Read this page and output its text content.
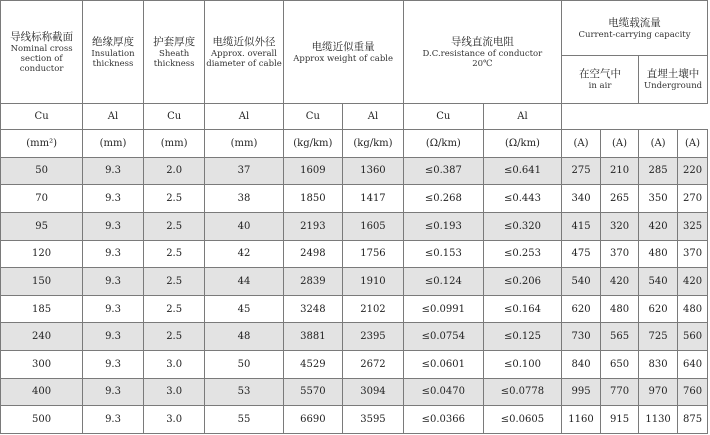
导线标称截面
Nominal cross section of conductor	绝缘厚度
Insulation thickness	护套厚度
Sheath thickness	电缆近似外径
Approx. overall diameter of cable	电缆近似重量
Approx weight of cable		导线直流电阻
D.C.resistance of conductor
20℃		电缆载流量
Current-carrying capacity			

								在空气中
in air		直埋土壤中
Underground	

Cu	Al	Cu	Al	Cu	Al	Cu	Al				
(mm²)	(mm)	(mm)	(mm)	(kg/km)	(kg/km)	(Ω/km)	(Ω/km)	(A)	(A)	(A)	(A)
50	9.3	2.0	37	1609	1360	≤0.387	≤0.641	275	210	285	220
70	9.3	2.5	38	1850	1417	≤0.268	≤0.443	340	265	350	270
95	9.3	2.5	40	2193	1605	≤0.193	≤0.320	415	320	420	325
120	9.3	2.5	42	2498	1756	≤0.153	≤0.253	475	370	480	370
150	9.3	2.5	44	2839	1910	≤0.124	≤0.206	540	420	540	420
185	9.3	2.5	45	3248	2102	≤0.0991	≤0.164	620	480	620	480
240	9.3	2.5	48	3881	2395	≤0.0754	≤0.125	730	565	725	560
300	9.3	3.0	50	4529	2672	≤0.0601	≤0.100	840	650	830	640
400	9.3	3.0	53	5570	3094	≤0.0470	≤0.0778	995	770	970	760
500	9.3	3.0	55	6690	3595	≤0.0366	≤0.0605	1160	915	1130	875
